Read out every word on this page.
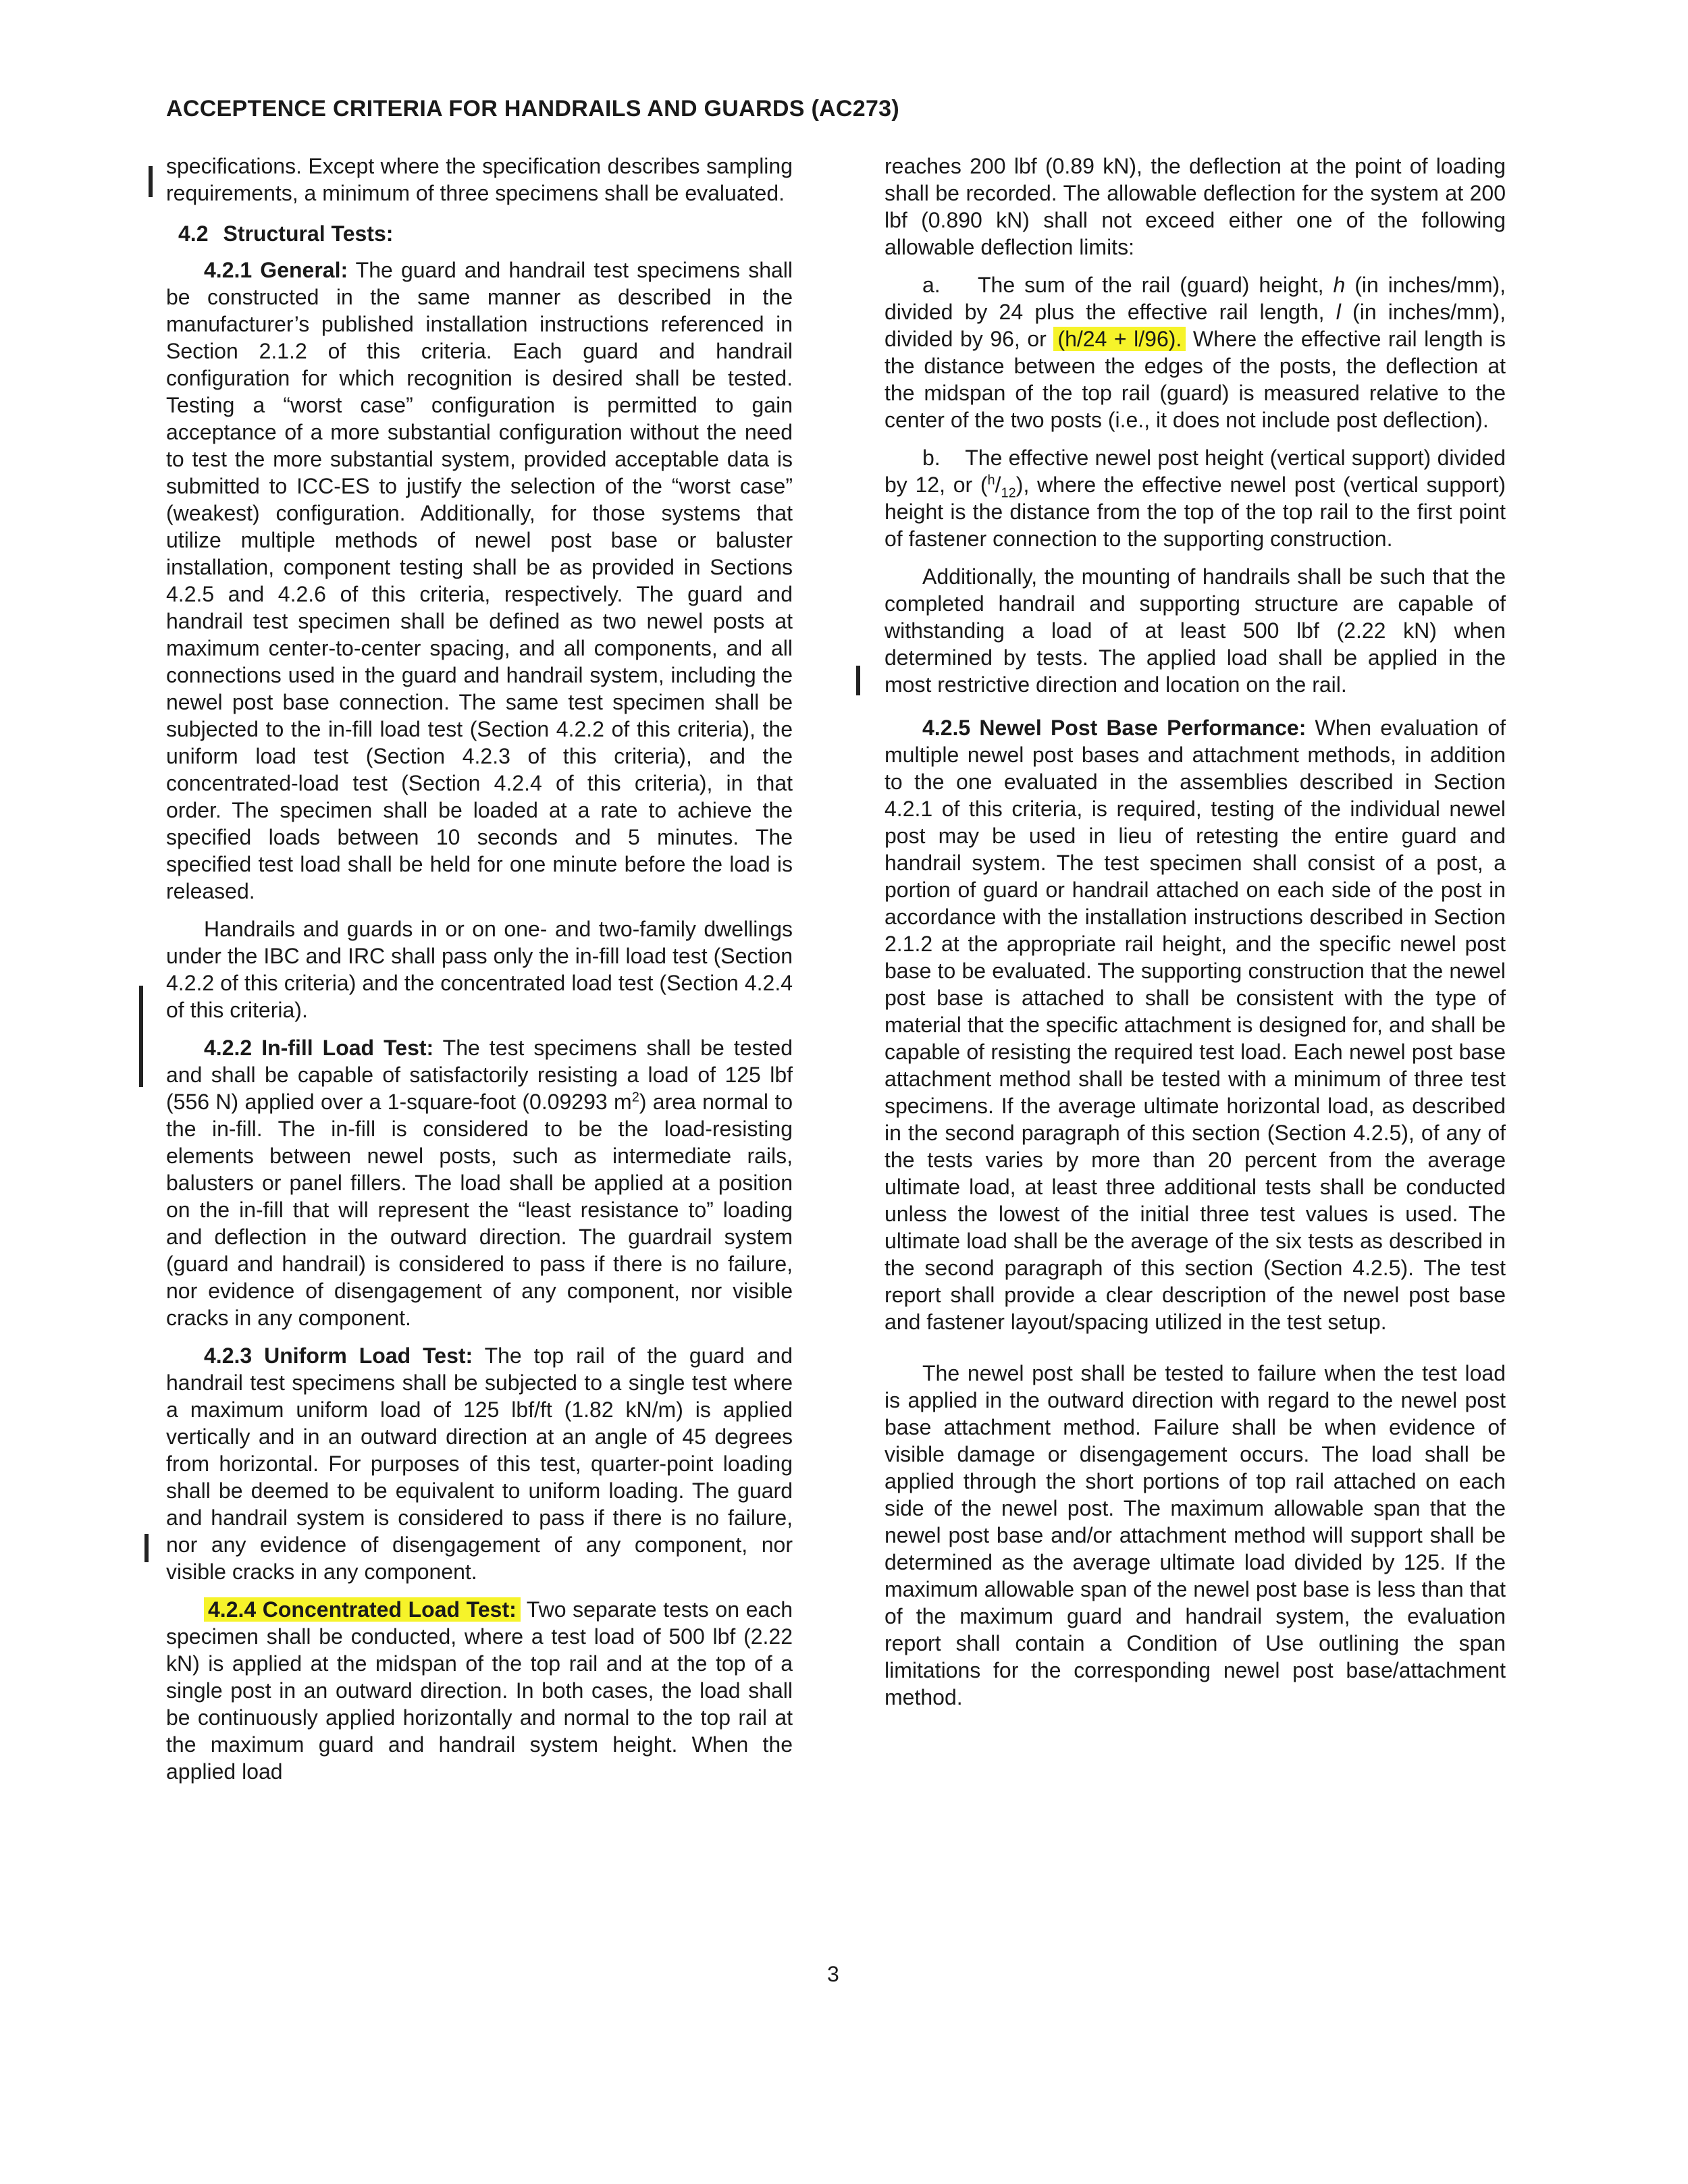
ACCEPTENCE CRITERIA FOR HANDRAILS AND GUARDS (AC273)

specifications. Except where the specification describes sampling requirements, a minimum of three specimens shall be evaluated.

4.2 Structural Tests:

4.2.1 General: The guard and handrail test specimens shall be constructed in the same manner as described in the manufacturer’s published installation instructions referenced in Section 2.1.2 of this criteria. Each guard and handrail configuration for which recognition is desired shall be tested. Testing a “worst case” configuration is permitted to gain acceptance of a more substantial configuration without the need to test the more substantial system, provided acceptable data is submitted to ICC-ES to justify the selection of the “worst case” (weakest) configuration. Additionally, for those systems that utilize multiple methods of newel post base or baluster installation, component testing shall be as provided in Sections 4.2.5 and 4.2.6 of this criteria, respectively. The guard and handrail test specimen shall be defined as two newel posts at maximum center-to-center spacing, and all components, and all connections used in the guard and handrail system, including the newel post base connection. The same test specimen shall be subjected to the in-fill load test (Section 4.2.2 of this criteria), the uniform load test (Section 4.2.3 of this criteria), and the concentrated-load test (Section 4.2.4 of this criteria), in that order. The specimen shall be loaded at a rate to achieve the specified loads between 10 seconds and 5 minutes. The specified test load shall be held for one minute before the load is released.

Handrails and guards in or on one- and two-family dwellings under the IBC and IRC shall pass only the in-fill load test (Section 4.2.2 of this criteria) and the concentrated load test (Section 4.2.4 of this criteria).

4.2.2 In-fill Load Test: The test specimens shall be tested and shall be capable of satisfactorily resisting a load of 125 lbf (556 N) applied over a 1-square-foot (0.09293 $m^2$) area normal to the in-fill. The in-fill is considered to be the load-resisting elements between newel posts, such as intermediate rails, balusters or panel fillers. The load shall be applied at a position on the in-fill that will represent the “least resistance to” loading and deflection in the outward direction. The guardrail system (guard and handrail) is considered to pass if there is no failure, nor evidence of disengagement of any component, nor visible cracks in any component.

4.2.3 Uniform Load Test: The top rail of the guard and handrail test specimens shall be subjected to a single test where a maximum uniform load of 125 lbf/ft (1.82 kN/m) is applied vertically and in an outward direction at an angle of 45 degrees from horizontal. For purposes of this test, quarter-point loading shall be deemed to be equivalent to uniform loading. The guard and handrail system is considered to pass if there is no failure, nor any evidence of disengagement of any component, nor visible cracks in any component.

4.2.4 Concentrated Load Test: Two separate tests on each specimen shall be conducted, where a test load of 500 lbf (2.22 kN) is applied at the midspan of the top rail and at the top of a single post in an outward direction. In both cases, the load shall be continuously applied horizontally and normal to the top rail at the maximum guard and handrail system height. When the applied load

reaches 200 lbf (0.89 kN), the deflection at the point of loading shall be recorded. The allowable deflection for the system at 200 lbf (0.890 kN) shall not exceed either one of the following allowable deflection limits:

a. The sum of the rail (guard) height, h (in inches/mm), divided by 24 plus the effective rail length, l (in inches/mm), divided by 96, or (h/24 + l/96). Where the effective rail length is the distance between the edges of the posts, the deflection at the midspan of the top rail (guard) is measured relative to the center of the two posts (i.e., it does not include post deflection).

b. The effective newel post height (vertical support) divided by 12, or $(^h/_{12})$, where the effective newel post (vertical support) height is the distance from the top of the top rail to the first point of fastener connection to the supporting construction.

Additionally, the mounting of handrails shall be such that the completed handrail and supporting structure are capable of withstanding a load of at least 500 lbf (2.22 kN) when determined by tests. The applied load shall be applied in the most restrictive direction and location on the rail.

4.2.5 Newel Post Base Performance: When evaluation of multiple newel post bases and attachment methods, in addition to the one evaluated in the assemblies described in Section 4.2.1 of this criteria, is required, testing of the individual newel post may be used in lieu of retesting the entire guard and handrail system. The test specimen shall consist of a post, a portion of guard or handrail attached on each side of the post in accordance with the installation instructions described in Section 2.1.2 at the appropriate rail height, and the specific newel post base to be evaluated. The supporting construction that the newel post base is attached to shall be consistent with the type of material that the specific attachment is designed for, and shall be capable of resisting the required test load. Each newel post base attachment method shall be tested with a minimum of three test specimens. If the average ultimate horizontal load, as described in the second paragraph of this section (Section 4.2.5), of any of the tests varies by more than 20 percent from the average ultimate load, at least three additional tests shall be conducted unless the lowest of the initial three test values is used. The ultimate load shall be the average of the six tests as described in the second paragraph of this section (Section 4.2.5). The test report shall provide a clear description of the newel post base and fastener layout/spacing utilized in the test setup.

The newel post shall be tested to failure when the test load is applied in the outward direction with regard to the newel post base attachment method. Failure shall be when evidence of visible damage or disengagement occurs. The load shall be applied through the short portions of top rail attached on each side of the newel post. The maximum allowable span that the newel post base and/or attachment method will support shall be determined as the average ultimate load divided by 125. If the maximum allowable span of the newel post base is less than that of the maximum guard and handrail system, the evaluation report shall contain a Condition of Use outlining the span limitations for the corresponding newel post base/attachment method.

3
